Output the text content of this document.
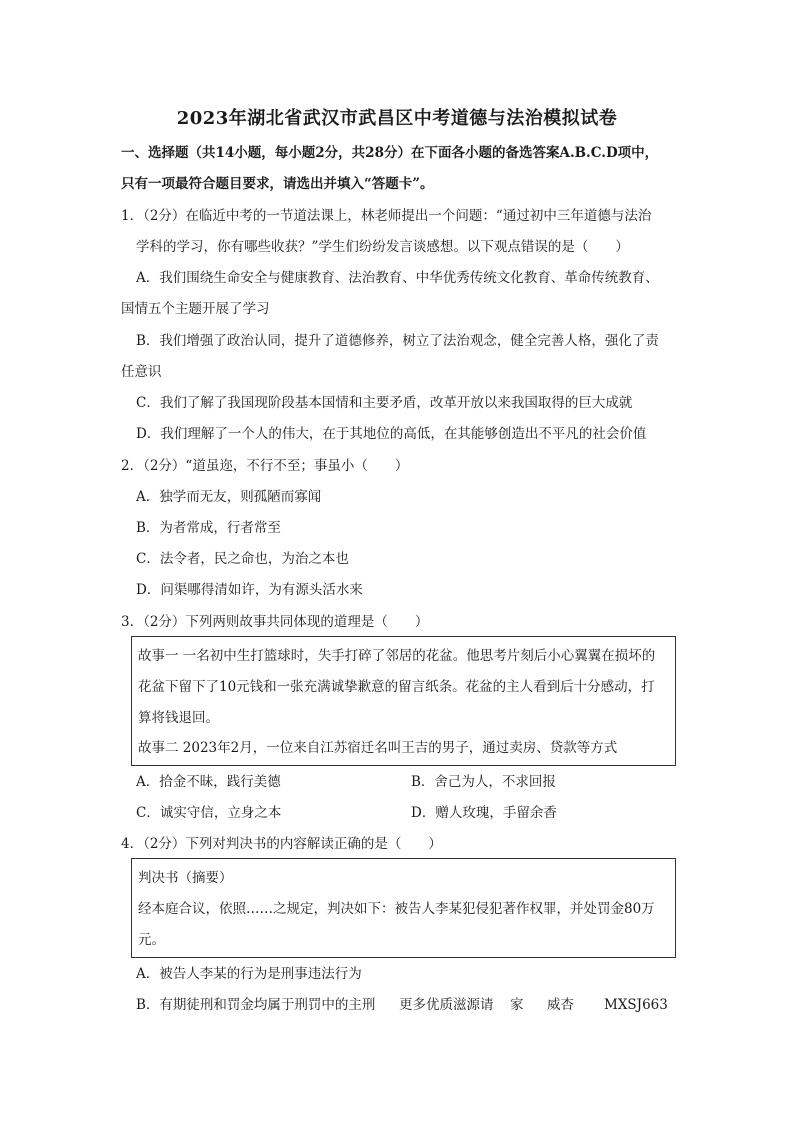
2023年湖北省武汉市武昌区中考道德与法治模拟试卷
一、选择题（共14小题，每小题2分，共28分）在下面各小题的备选答案A.B.C.D项中，
只有一项最符合题目要求，请选出并填入“答题卡”。
1．（2分）在临近中考的一节道法课上，林老师提出一个问题：“通过初中三年道德与法治
学科的学习，你有哪些收获？”学生们纷纷发言谈感想。以下观点错误的是（　　）
A．我们围绕生命安全与健康教育、法治教育、中华优秀传统文化教育、革命传统教育、
国情五个主题开展了学习
B．我们增强了政治认同，提升了道德修养，树立了法治观念，健全完善人格，强化了责
任意识
C．我们了解了我国现阶段基本国情和主要矛盾，改革开放以来我国取得的巨大成就
D．我们理解了一个人的伟大，在于其地位的高低，在其能够创造出不平凡的社会价值
2．（2分）“道虽迩，不行不至；事虽小（　　）
A．独学而无友，则孤陋而寡闻
B．为者常成，行者常至
C．法令者，民之命也，为治之本也
D．问渠哪得清如许，为有源头活水来
3．（2分）下列两则故事共同体现的道理是（　　）
故事一 一名初中生打篮球时，失手打碎了邻居的花盆。他思考片刻后小心翼翼在损坏的
花盆下留下了10元钱和一张充满诚挚歉意的留言纸条。花盆的主人看到后十分感动，打
算将钱退回。
故事二 2023年2月，一位来自江苏宿迁名叫王吉的男子，通过卖房、贷款等方式
A．拾金不昧，践行美德	B．舍己为人，不求回报
C．诚实守信，立身之本	D．赠人玫瑰，手留余香
4．（2分）下列对判决书的内容解读正确的是（　　）
判决书（摘要）
经本庭合议，依照……之规定，判决如下：被告人李某犯侵犯著作权罪，并处罚金80万
元。
A．被告人李某的行为是刑事违法行为
B．有期徒刑和罚金均属于刑罚中的主刑 更多优质滋源请 家 威杏 MXSJ663
